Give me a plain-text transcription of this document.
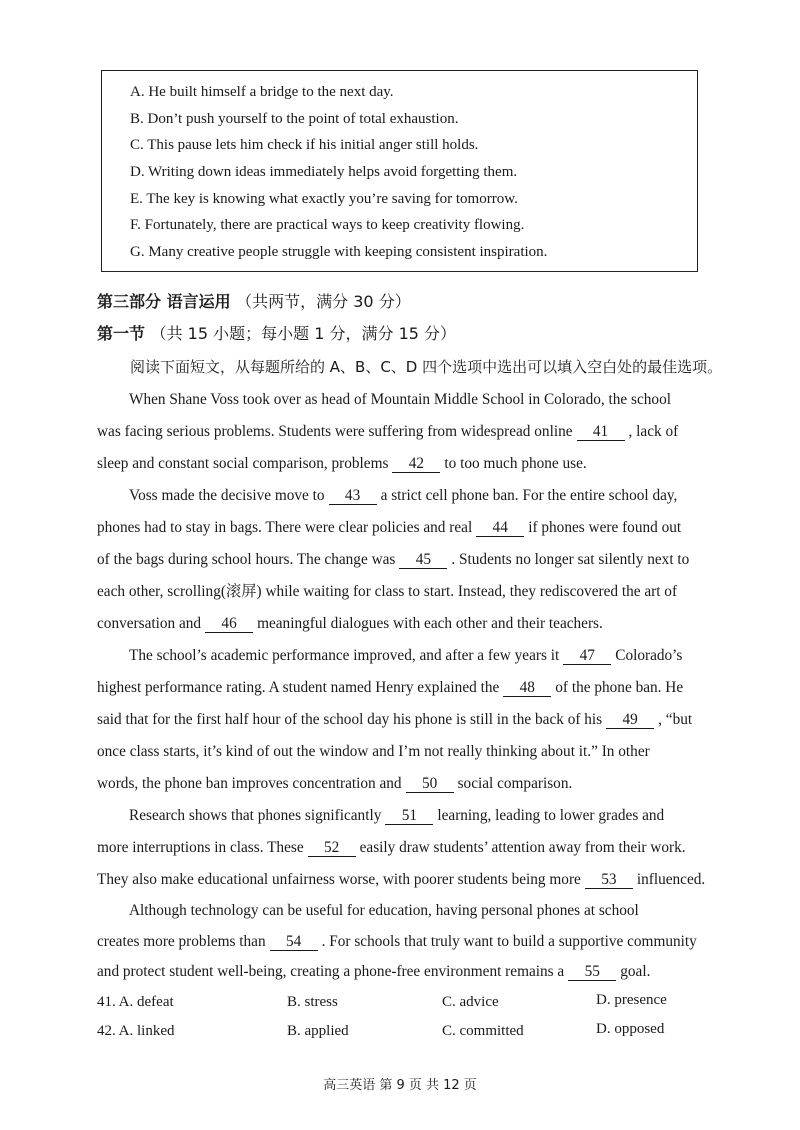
A. He built himself a bridge to the next day.
B. Don’t push yourself to the point of total exhaustion.
C. This pause lets him check if his initial anger still holds.
D. Writing down ideas immediately helps avoid forgetting them.
E. The key is knowing what exactly you’re saving for tomorrow.
F. Fortunately, there are practical ways to keep creativity flowing.
G. Many creative people struggle with keeping consistent inspiration.
第三部分 语言运用 （共两节，满分 30 分）
第一节 （共 15 小题；每小题 1 分，满分 15 分）
阅读下面短文，从每题所给的 A、B、C、D 四个选项中选出可以填入空白处的最佳选项。
When Shane Voss took over as head of Mountain Middle School in Colorado, the school
was facing serious problems. Students were suffering from widespread online 41 , lack of
sleep and constant social comparison, problems 42 to too much phone use.
Voss made the decisive move to 43 a strict cell phone ban. For the entire school day,
phones had to stay in bags. There were clear policies and real 44 if phones were found out
of the bags during school hours. The change was 45 . Students no longer sat silently next to
each other, scrolling(滚屏) while waiting for class to start. Instead, they rediscovered the art of
conversation and 46 meaningful dialogues with each other and their teachers.
The school’s academic performance improved, and after a few years it 47 Colorado’s
highest performance rating. A student named Henry explained the 48 of the phone ban. He
said that for the first half hour of the school day his phone is still in the back of his 49 , “but
once class starts, it’s kind of out the window and I’m not really thinking about it.” In other
words, the phone ban improves concentration and 50 social comparison.
Research shows that phones significantly 51 learning, leading to lower grades and
more interruptions in class. These 52 easily draw students’ attention away from their work.
They also make educational unfairness worse, with poorer students being more 53 influenced.
Although technology can be useful for education, having personal phones at school
creates more problems than 54 . For schools that truly want to build a supportive community
and protect student well-being, creating a phone-free environment remains a 55 goal.
41. A. defeat	B. stress	C. advice	D. presence
42. A. linked	B. applied	C. committed	D. opposed
高三英语 第 9 页 共 12 页
